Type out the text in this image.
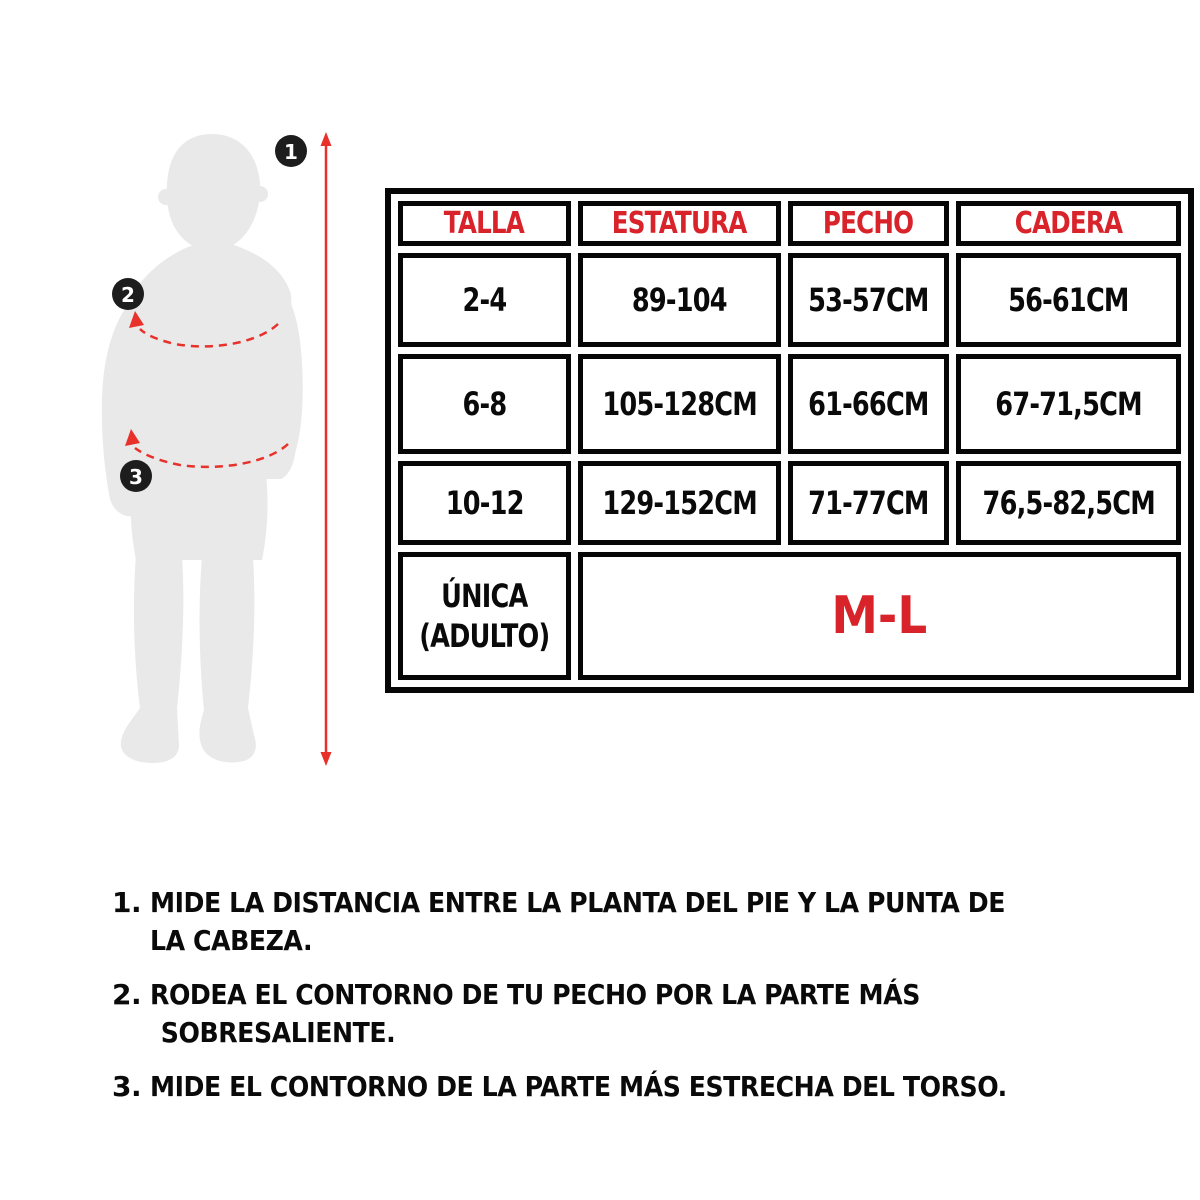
1
2
3
TALLA	ESTATURA	PECHO	CADERA
2-4	89-104	53-57CM	56-61CM
6-8	105-128CM	61-66CM	67-71,5CM
10-12	129-152CM	71-77CM	76,5-82,5CM
ÚNICA
(ADULTO)	M-L		
1. MIDE LA DISTANCIA ENTRE LA PLANTA DEL PIE Y LA PUNTA DE
LA CABEZA.
2. RODEA EL CONTORNO DE TU PECHO POR LA PARTE MÁS
SOBRESALIENTE.
3. MIDE EL CONTORNO DE LA PARTE MÁS ESTRECHA DEL TORSO.
